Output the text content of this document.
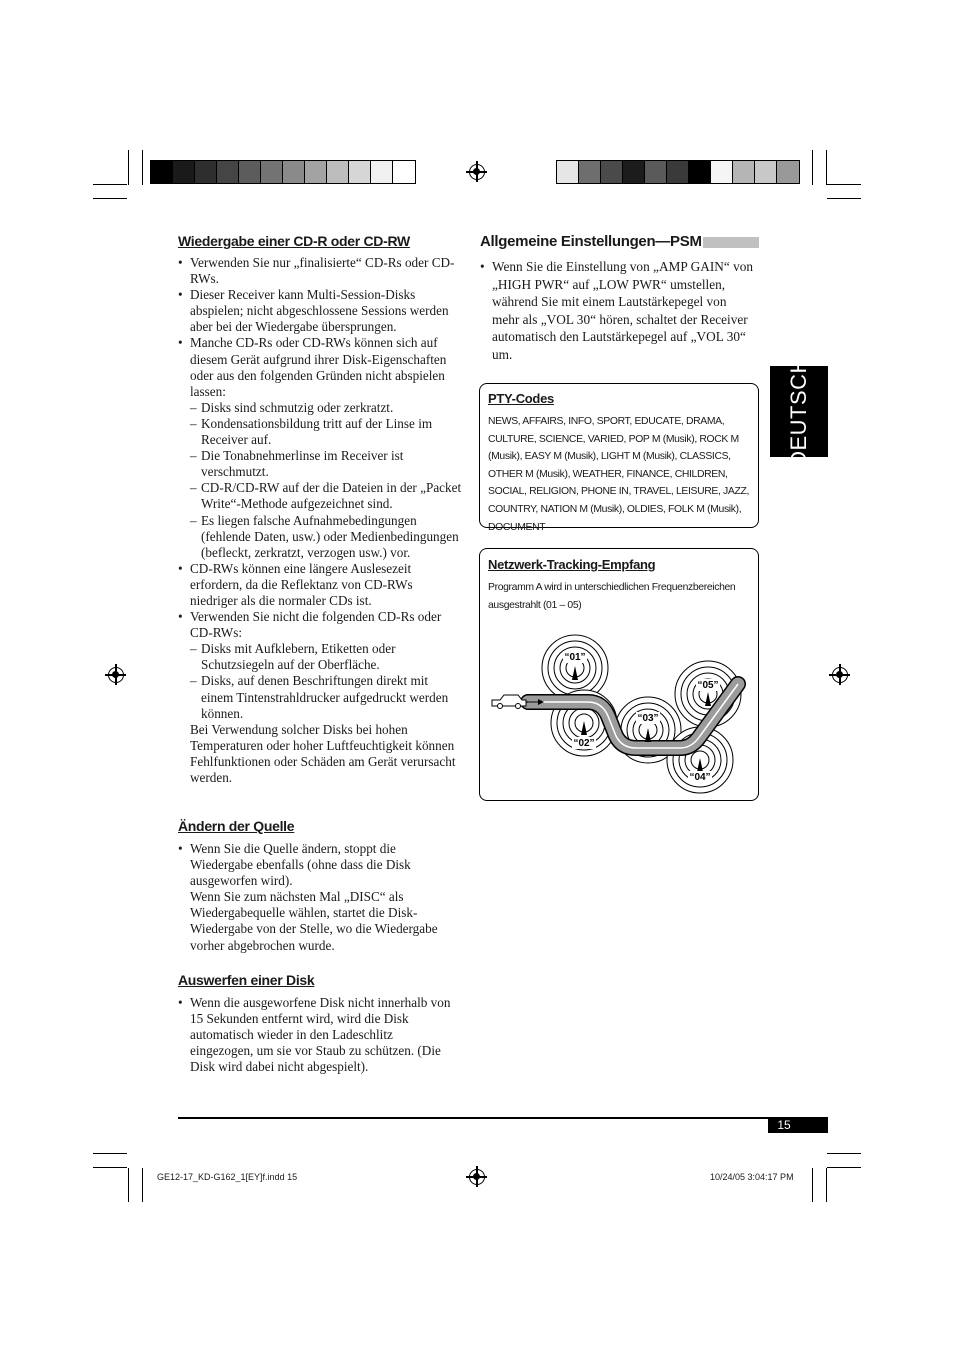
Wiedergabe einer CD-R oder CD-RW
• Verwenden Sie nur „finalisierte“ CD-Rs oder CD-RWs.
• Dieser Receiver kann Multi-Session-Disks abspielen; nicht abgeschlossene Sessions werden aber bei der Wiedergabe übersprungen.
• Manche CD-Rs oder CD-RWs können sich auf diesem Gerät aufgrund ihrer Disk-Eigenschaften oder aus den folgenden Gründen nicht abspielen lassen:
– Disks sind schmutzig oder zerkratzt.
– Kondensationsbildung tritt auf der Linse im Receiver auf.
– Die Tonabnehmerlinse im Receiver ist verschmutzt.
– CD-R/CD-RW auf der die Dateien in der „Packet Write“-Methode aufgezeichnet sind.
– Es liegen falsche Aufnahmebedingungen (fehlende Daten, usw.) oder Medienbedingungen (befleckt, zerkratzt, verzogen usw.) vor.
• CD-RWs können eine längere Auslesezeit erfordern, da die Reflektanz von CD-RWs niedriger als die normaler CDs ist.
• Verwenden Sie nicht die folgenden CD-Rs oder CD-RWs:
– Disks mit Aufklebern, Etiketten oder Schutzsiegeln auf der Oberfläche.
– Disks, auf denen Beschriftungen direkt mit einem Tintenstrahldrucker aufgedruckt werden können.
Bei Verwendung solcher Disks bei hohen Temperaturen oder hoher Luftfeuchtigkeit können Fehlfunktionen oder Schäden am Gerät verursacht werden.
Ändern der Quelle
• Wenn Sie die Quelle ändern, stoppt die Wiedergabe ebenfalls (ohne dass die Disk ausgeworfen wird).
Wenn Sie zum nächsten Mal „DISC“ als Wiedergabequelle wählen, startet die Disk-Wiedergabe von der Stelle, wo die Wiedergabe vorher abgebrochen wurde.
Auswerfen einer Disk
• Wenn die ausgeworfene Disk nicht innerhalb von 15 Sekunden entfernt wird, wird die Disk automatisch wieder in den Ladeschlitz eingezogen, um sie vor Staub zu schützen. (Die Disk wird dabei nicht abgespielt).
Allgemeine Einstellungen—PSM
• Wenn Sie die Einstellung von „AMP GAIN“ von „HIGH PWR“ auf „LOW PWR“ umstellen, während Sie mit einem Lautstärkepegel von mehr als „VOL 30“ hören, schaltet der Receiver automatisch den Lautstärkepegel auf „VOL 30“ um.
PTY-Codes
NEWS, AFFAIRS, INFO, SPORT, EDUCATE, DRAMA, CULTURE, SCIENCE, VARIED, POP M (Musik), ROCK M (Musik), EASY M (Musik), LIGHT M (Musik), CLASSICS, OTHER M (Musik), WEATHER, FINANCE, CHILDREN, SOCIAL, RELIGION, PHONE IN, TRAVEL, LEISURE, JAZZ, COUNTRY, NATION M (Musik), OLDIES, FOLK M (Musik), DOCUMENT
Netzwerk-Tracking-Empfang
Programm A wird in unterschiedlichen Frequenzbereichen ausgestrahlt (01 – 05)
“01”
“02”
“03”
“04”
“05”
DEUTSCH
15
GE12-17_KD-G162_1[EY]f.indd 15	10/24/05 3:04:17 PM
